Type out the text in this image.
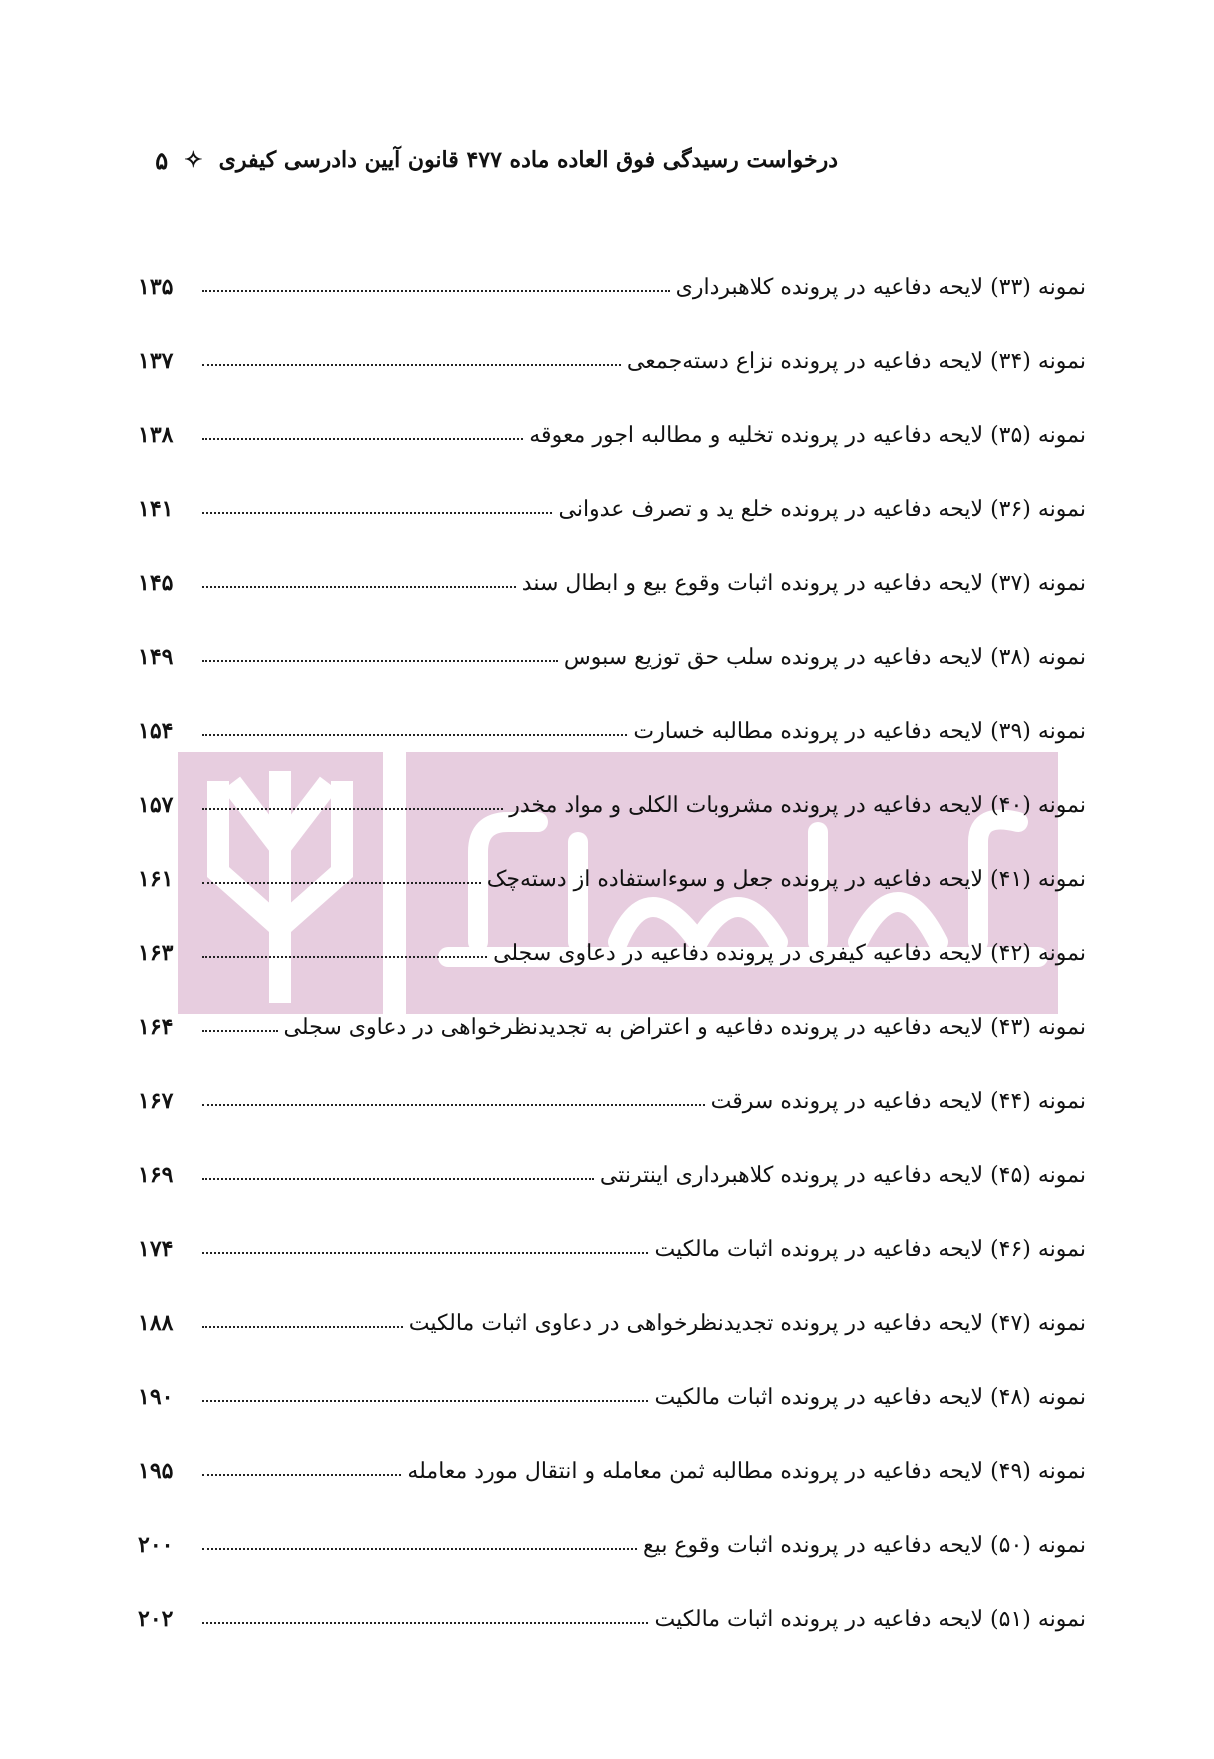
درخواست رسیدگی فوق العاده ماده ۴۷۷ قانون آیین دادرسی کیفری
✧
۵
نمونه (۳۳) لایحه دفاعیه در پرونده کلاهبرداری
۱۳۵
نمونه (۳۴) لایحه دفاعیه در پرونده نزاع دسته‌جمعی
۱۳۷
نمونه (۳۵) لایحه دفاعیه در پرونده تخلیه و مطالبه اجور معوقه
۱۳۸
نمونه (۳۶) لایحه دفاعیه در پرونده خلع ید و تصرف عدوانی
۱۴۱
نمونه (۳۷) لایحه دفاعیه در پرونده اثبات وقوع بیع و ابطال سند
۱۴۵
نمونه (۳۸) لایحه دفاعیه در پرونده سلب حق توزیع سبوس
۱۴۹
نمونه (۳۹) لایحه دفاعیه در پرونده مطالبه خسارت
۱۵۴
نمونه (۴۰) لایحه دفاعیه در پرونده مشروبات الکلی و مواد مخدر
۱۵۷
نمونه (۴۱) لایحه دفاعیه در پرونده جعل و سوءاستفاده از دسته‌چک
۱۶۱
نمونه (۴۲) لایحه دفاعیه کیفری در پرونده دفاعیه در دعاوی سجلی
۱۶۳
نمونه (۴۳) لایحه دفاعیه در پرونده دفاعیه و اعتراض به تجدیدنظرخواهی در دعاوی سجلی
۱۶۴
نمونه (۴۴) لایحه دفاعیه در پرونده سرقت
۱۶۷
نمونه (۴۵) لایحه دفاعیه در پرونده کلاهبرداری اینترنتی
۱۶۹
نمونه (۴۶) لایحه دفاعیه در پرونده اثبات مالکیت
۱۷۴
نمونه (۴۷) لایحه دفاعیه در پرونده تجدیدنظرخواهی در دعاوی اثبات مالکیت
۱۸۸
نمونه (۴۸) لایحه دفاعیه در پرونده اثبات مالکیت
۱۹۰
نمونه (۴۹) لایحه دفاعیه در پرونده مطالبه ثمن معامله و انتقال مورد معامله
۱۹۵
نمونه (۵۰) لایحه دفاعیه در پرونده اثبات وقوع بیع
۲۰۰
نمونه (۵۱) لایحه دفاعیه در پرونده اثبات مالکیت
۲۰۲
